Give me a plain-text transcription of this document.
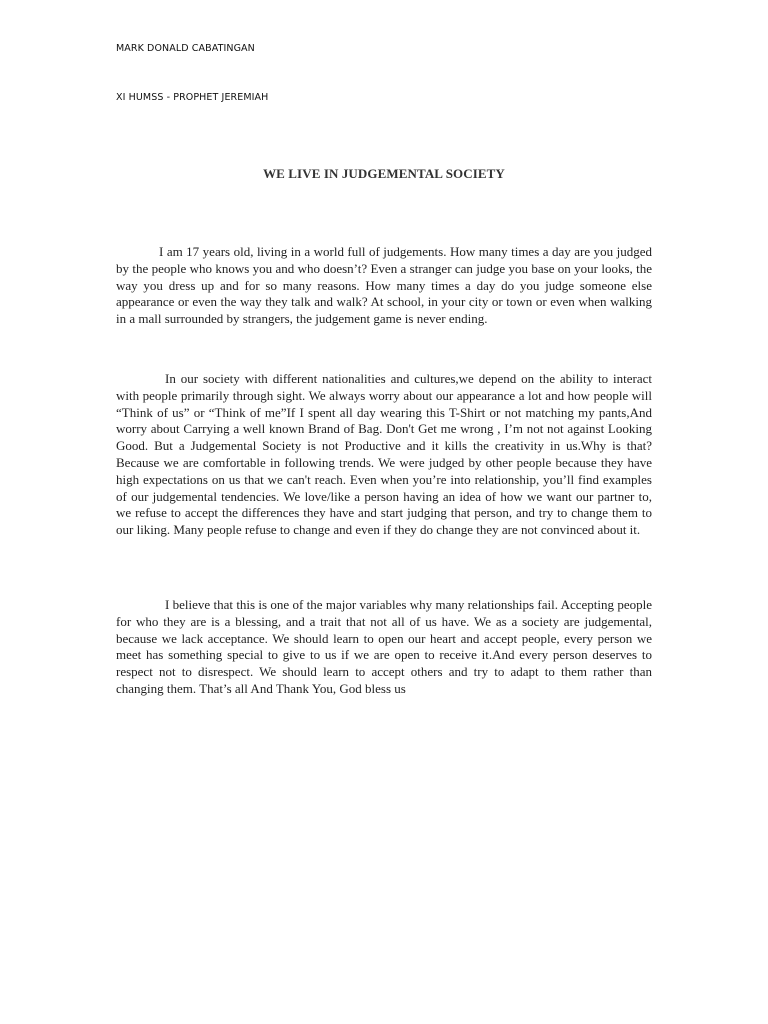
MARK DONALD CABATINGAN
XI HUMSS - PROPHET JEREMIAH
WE LIVE IN JUDGEMENTAL SOCIETY

I am 17 years old, living in a world full of judgements. How many times a day are you judged by the people who knows you and who doesn’t? Even a stranger can judge you base on your looks, the way you dress up and for so many reasons. How many times a day do you judge someone else appearance or even the way they talk and walk? At school, in your city or town or even when walking in a mall surrounded by strangers, the judgement game is never ending.

In our society with different nationalities and cultures,we depend on the ability to interact with people primarily through sight. We always worry about our appearance a lot and how people will “Think of us” or “Think of me”If I spent all day wearing this T-Shirt or not matching my pants,And worry about Carrying a well known Brand of Bag. Don't Get me wrong , I’m not not against Looking Good. But a Judgemental Society is not Productive and it kills the creativity in us.Why is that? Because we are comfortable in following trends. We were judged by other people because they have high expectations on us that we can't reach. Even when you’re into relationship, you’ll find examples of our judgemental tendencies. We love/like a person having an idea of how we want our partner to, we refuse to accept the differences they have and start judging that person, and try to change them to our liking. Many people refuse to change and even if they do change they are not convinced about it.

I believe that this is one of the major variables why many relationships fail. Accepting people for who they are is a blessing, and a trait that not all of us have. We as a society are judgemental, because we lack acceptance. We should learn to open our heart and accept people, every person we meet has something special to give to us if we are open to receive it.And every person deserves to respect not to disrespect. We should learn to accept others and try to adapt to them rather than changing them. That’s all And Thank You, God bless us
